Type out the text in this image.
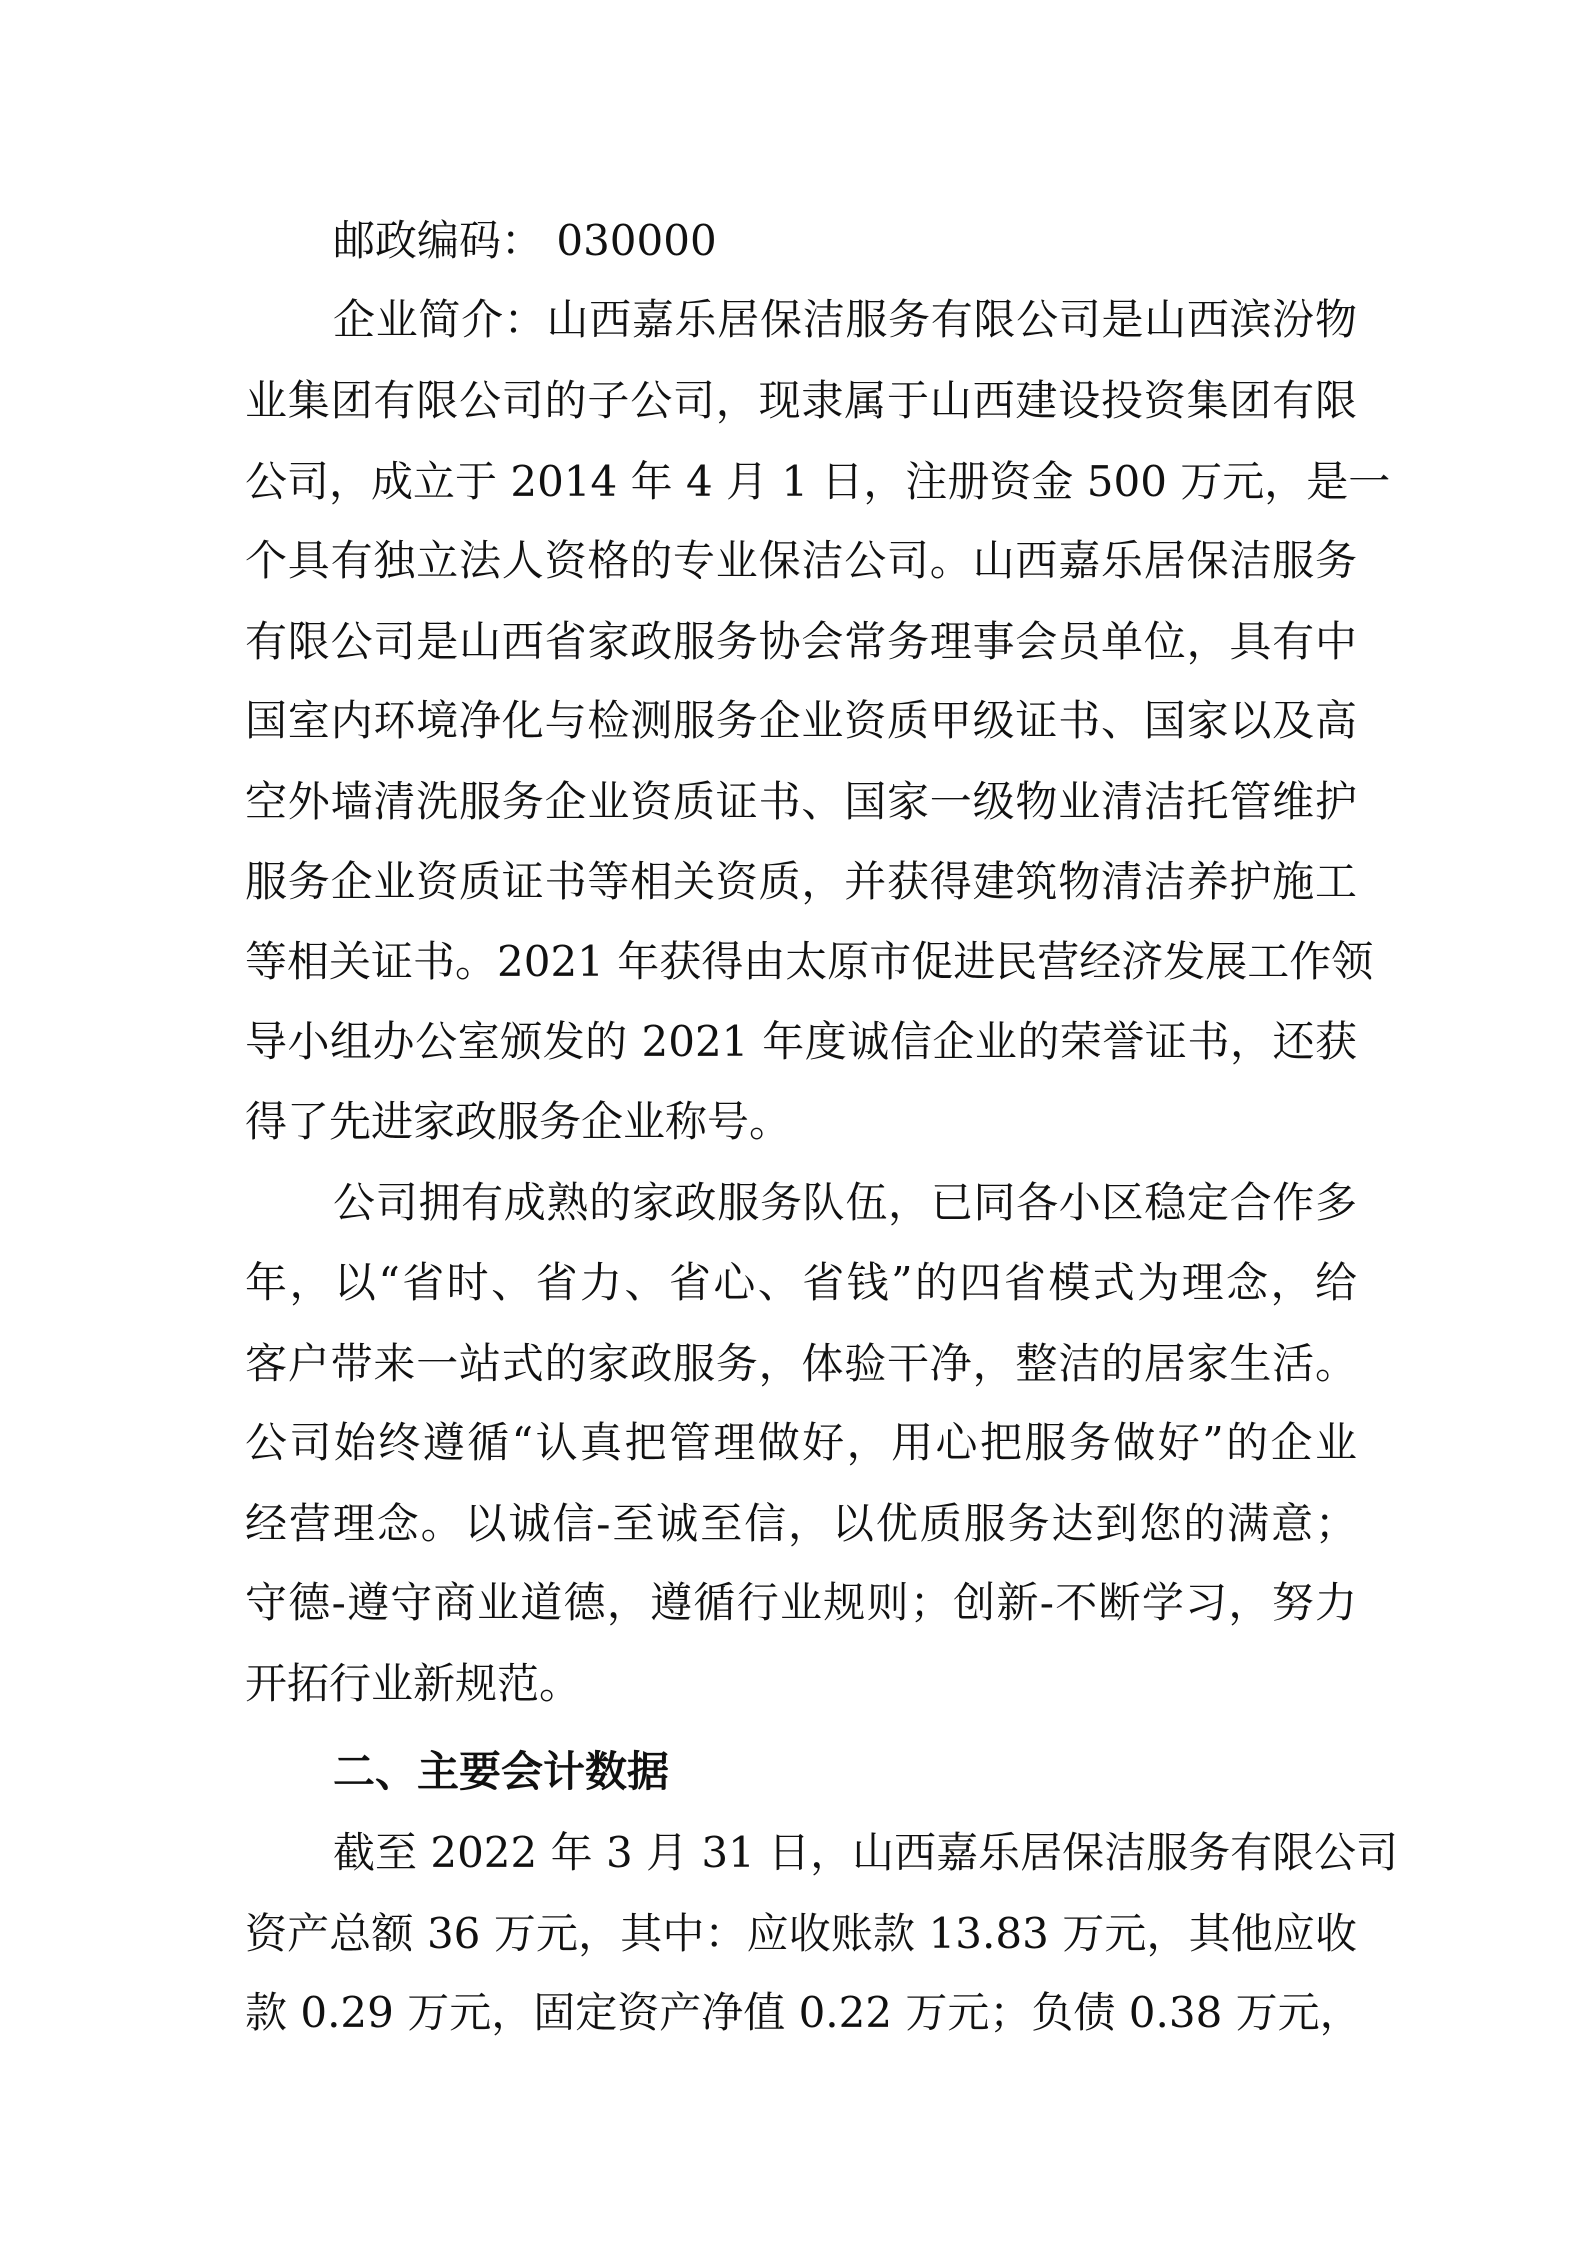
邮政编码： 030000
企业简介：山西嘉乐居保洁服务有限公司是山西滨汾物
业集团有限公司的子公司，现隶属于山西建设投资集团有限
公司，成立于 2014 年 4 月 1 日，注册资金 500 万元，是一
个具有独立法人资格的专业保洁公司。山西嘉乐居保洁服务
有限公司是山西省家政服务协会常务理事会员单位，具有中
国室内环境净化与检测服务企业资质甲级证书、国家以及高
空外墙清洗服务企业资质证书、国家一级物业清洁托管维护
服务企业资质证书等相关资质，并获得建筑物清洁养护施工
等相关证书。2021 年获得由太原市促进民营经济发展工作领
导小组办公室颁发的 2021 年度诚信企业的荣誉证书，还获
得了先进家政服务企业称号。
公司拥有成熟的家政服务队伍，已同各小区稳定合作多
年，以“省时、省力、省心、省钱”的四省模式为理念，给
客户带来一站式的家政服务，体验干净，整洁的居家生活。
公司始终遵循“认真把管理做好，用心把服务做好”的企业
经营理念。以诚信-至诚至信，以优质服务达到您的满意；
守德-遵守商业道德，遵循行业规则；创新-不断学习，努力
开拓行业新规范。
二、主要会计数据
截至 2022 年 3 月 31 日，山西嘉乐居保洁服务有限公司
资产总额 36 万元，其中：应收账款 13.83 万元，其他应收
款 0.29 万元，固定资产净值 0.22 万元；负债 0.38 万元，
